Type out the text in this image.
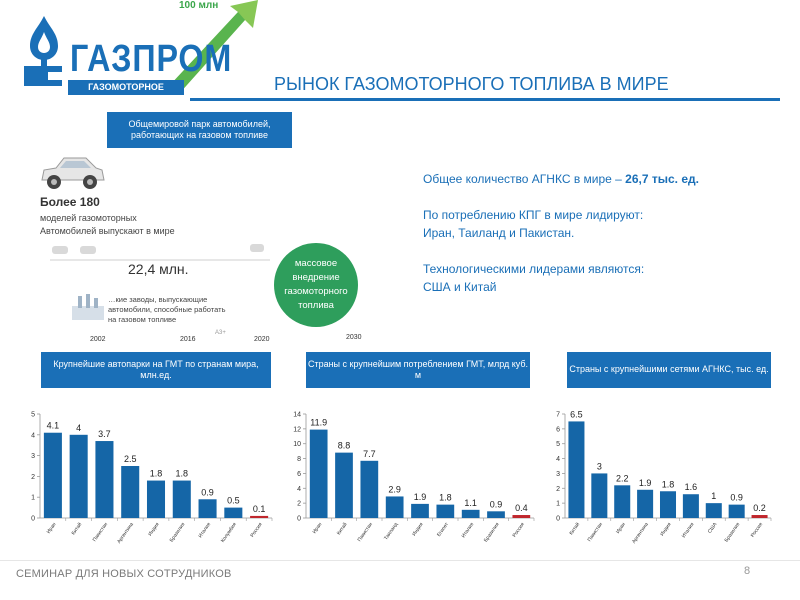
100 млн
ГАЗПРОМ
ГАЗОМОТОРНОЕ ТОПЛИВО
РЫНОК ГАЗОМОТОРНОГО ТОПЛИВА В МИРЕ
Общемировой парк автомобилей, работающих на газовом топливе
Более 180
моделей газомоторных
Автомобилей выпускают в мире
22,4 млн.
…кие заводы, выпускающие
автомобили, способные работать
на газовом топливе
A3+
2002	2016	2020	2030
массовое внедрение газомоторного топлива

Общее количество АГНКС в мире – 26,7 тыс. ед.

По потреблению КПГ в мире лидируют:
Иран, Таиланд и Пакистан.

Технологическими лидерами являются:
США и Китай

Крупнейшие автопарки на ГМТ по странам мира, млн.ед.
Страны с крупнейшим потреблением ГМТ, млрд куб. м
Страны с крупнейшими сетями АГНКС, тыс. ед.
0
1
2
3
4
5
4.1
Иран
4
Китай
3.7
Пакистан
2.5
Аргентина
1.8
Индия
1.8
Бразилия
0.9
Италия
0.5
Колумбия
0.1
Россия
0
2
4
6
8
10
12
14
11.9
Иран
8.8
Китай
7.7
Пакистан
2.9
Таиланд
1.9
Индия
1.8
Египет
1.1
Италия
0.9
Бразилия
0.4
Россия
0
1
2
3
4
5
6
7 6.5
Китай
3
Пакистан
2.2
Иран
1.9
Аргентина
1.8
Индия
1.6
Италия
1
США
0.9
Бразилия
0.2
Россия
СЕМИНАР ДЛЯ НОВЫХ СОТРУДНИКОВ	8
